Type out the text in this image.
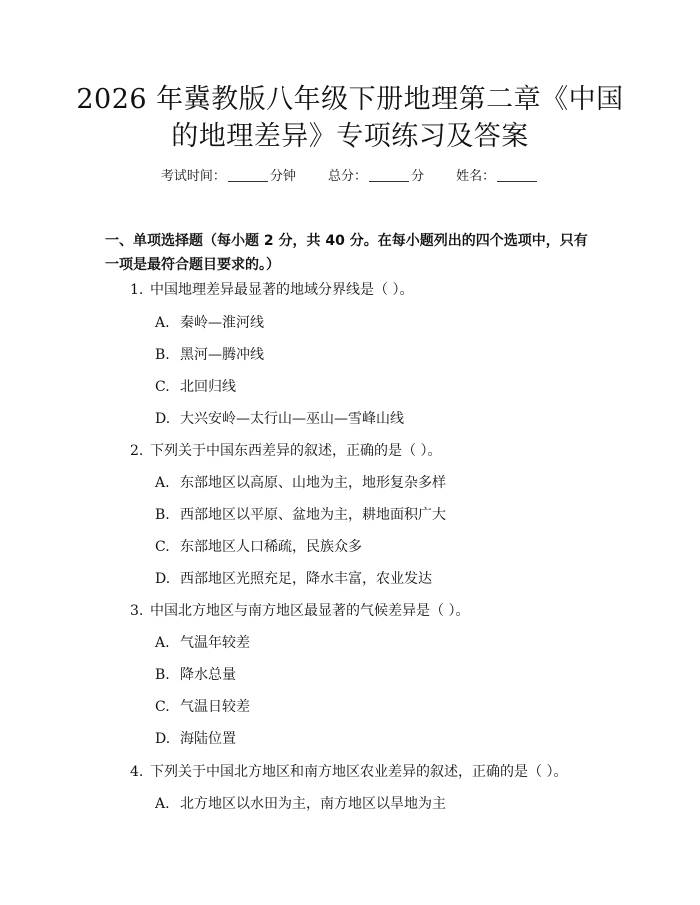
2026 年冀教版八年级下册地理第二章《中国
的地理差异》专项练习及答案
考试时间：	分钟 总分：	分 姓名：
一、单项选择题（每小题 2 分，共 40 分。在每小题列出的四个选项中，只有一项是最符合题目要求的。）
1. 中国地理差异最显著的地域分界线是（ ）。
A. 秦岭—淮河线
B. 黑河—腾冲线
C. 北回归线
D. 大兴安岭—太行山—巫山—雪峰山线
2. 下列关于中国东西差异的叙述，正确的是（ ）。
A. 东部地区以高原、山地为主，地形复杂多样
B. 西部地区以平原、盆地为主，耕地面积广大
C. 东部地区人口稀疏，民族众多
D. 西部地区光照充足，降水丰富，农业发达
3. 中国北方地区与南方地区最显著的气候差异是（ ）。
A. 气温年较差
B. 降水总量
C. 气温日较差
D. 海陆位置
4. 下列关于中国北方地区和南方地区农业差异的叙述，正确的是（ ）。
A. 北方地区以水田为主，南方地区以旱地为主
